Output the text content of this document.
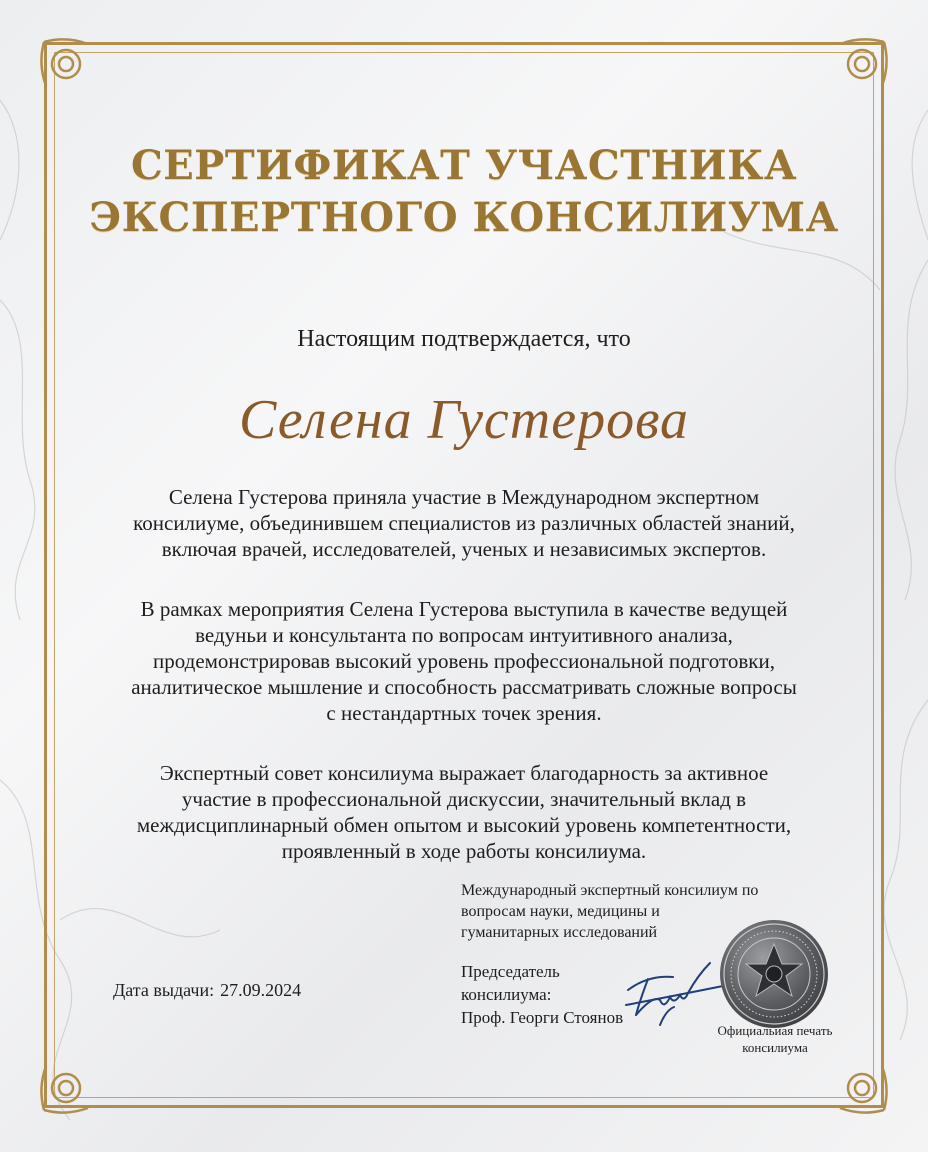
СЕРТИФИКАТ УЧАСТНИКА
ЭКСПЕРТНОГО КОНСИЛИУМА
Настоящим подтверждается, что
Селена Густерова
Селена Густерова приняла участие в Международном экспертном
консилиуме, объединившем специалистов из различных областей знаний,
включая врачей, исследователей, ученых и независимых экспертов.
В рамках мероприятия Селена Густерова выступила в качестве ведущей
ведуньи и консультанта по вопросам интуитивного анализа,
продемонстрировав высокий уровень профессиональной подготовки,
аналитическое мышление и способность рассматривать сложные вопросы
с нестандартных точек зрения.
Экспертный совет консилиума выражает благодарность за активное
участие в профессиональной дискуссии, значительный вклад в
междисциплинарный обмен опытом и высокий уровень компетентности,
проявленный в ходе работы консилиума.
Международный экспертный консилиум по
вопросам науки, медицины и
гуманитарных исследований
Председатель
консилиума:
Проф. Георги Стоянов
Дата выдачи: 27.09.2024
Официальиая печать
консилиума
